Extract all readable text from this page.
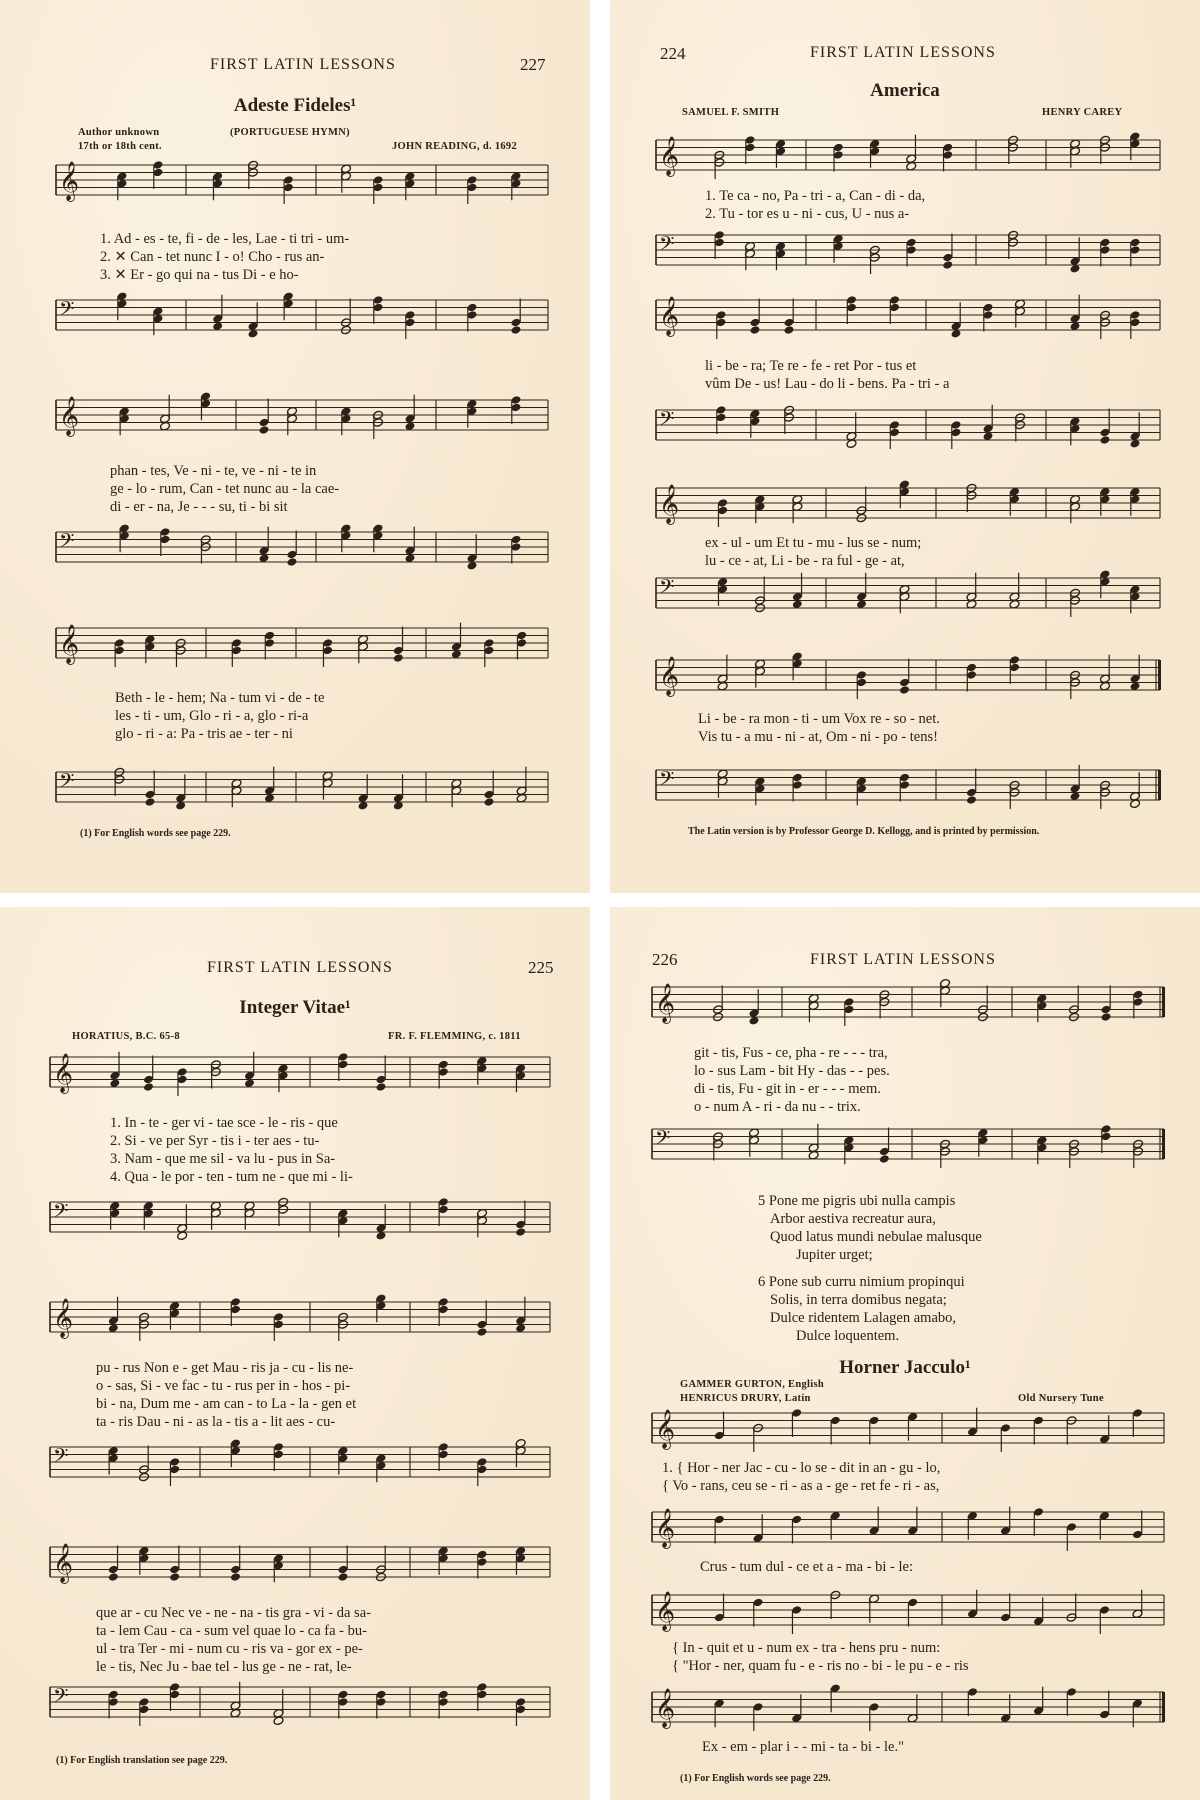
FIRST LATIN LESSONS	227
Adeste Fideles¹
Author unknown
17th or 18th cent.
(PORTUGUESE HYMN)
JOHN READING, d. 1692
𝄞
1. Ad - es - te, fi - de - les, Lae - ti tri - um-
2. ✕ Can - tet nunc I - o! Cho - rus an-
3. ✕ Er - go qui na - tus Di - e ho-
𝄢
𝄞
phan - tes, Ve - ni - te, ve - ni - te in
ge - lo - rum, Can - tet nunc au - la cae-
di - er - na, Je - - - su, ti - bi sit
𝄢
𝄞
Beth - le - hem; Na - tum vi - de - te
les - ti - um, Glo - ri - a, glo - ri-a
glo - ri - a: Pa - tris ae - ter - ni
𝄢
(1) For English words see page 229.
224	FIRST LATIN LESSONS
America
SAMUEL F. SMITH	HENRY CAREY
𝄞
1. Te ca - no, Pa - tri - a, Can - di - da,
2. Tu - tor es u - ni - cus, U - nus a-
𝄢
𝄞
li - be - ra; Te re - fe - ret Por - tus et
vûm De - us! Lau - do li - bens. Pa - tri - a
𝄢
𝄞
ex - ul - um Et tu - mu - lus se - num;
lu - ce - at, Li - be - ra ful - ge - at,
𝄢
𝄞
Li - be - ra mon - ti - um Vox re - so - net.
Vis tu - a mu - ni - at, Om - ni - po - tens!
𝄢
The Latin version is by Professor George D. Kellogg, and is printed by permission.
FIRST LATIN LESSONS	225
Integer Vitae¹
HORATIUS, B.C. 65-8	FR. F. FLEMMING, c. 1811
𝄞
1. In - te - ger vi - tae sce - le - ris - que
2. Si - ve per Syr - tis i - ter aes - tu-
3. Nam - que me sil - va lu - pus in Sa-
4. Qua - le por - ten - tum ne - que mi - li-
𝄢
𝄞
pu - rus Non e - get Mau - ris ja - cu - lis ne-
o - sas, Si - ve fac - tu - rus per in - hos - pi-
bi - na, Dum me - am can - to La - la - gen et
ta - ris Dau - ni - as la - tis a - lit aes - cu-
𝄢
𝄞
que ar - cu Nec ve - ne - na - tis gra - vi - da sa-
ta - lem Cau - ca - sum vel quae lo - ca fa - bu-
ul - tra Ter - mi - num cu - ris va - gor ex - pe-
le - tis, Nec Ju - bae tel - lus ge - ne - rat, le-
𝄢
(1) For English translation see page 229.
226	FIRST LATIN LESSONS
𝄞
git - tis, Fus - ce, pha - re - - - tra,
lo - sus Lam - bit Hy - das - - pes.
di - tis, Fu - git in - er - - - mem.
o - num A - ri - da nu - - trix.
𝄢
5 Pone me pigris ubi nulla campis
Arbor aestiva recreatur aura,
Quod latus mundi nebulae malusque
Jupiter urget;
6 Pone sub curru nimium propinqui
Solis, in terra domibus negata;
Dulce ridentem Lalagen amabo,
Dulce loquentem.
Horner Jacculo¹
GAMMER GURTON, English
HENRICUS DRURY, Latin	Old Nursery Tune
𝄞
1. { Hor - ner Jac - cu - lo se - dit in an - gu - lo,
{ Vo - rans, ceu se - ri - as a - ge - ret fe - ri - as,
𝄞
Crus - tum dul - ce et a - ma - bi - le:
𝄞
{ In - quit et u - num ex - tra - hens pru - num:
{ "Hor - ner, quam fu - e - ris no - bi - le pu - e - ris
𝄞
Ex - em - plar i - - mi - ta - bi - le."
(1) For English words see page 229.
